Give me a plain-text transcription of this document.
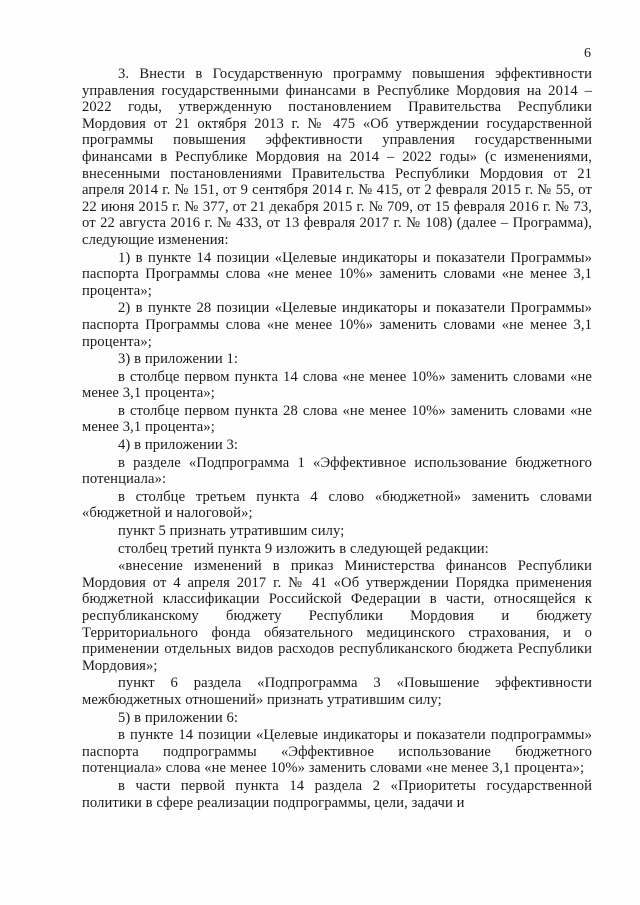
6

3. Внести в Государственную программу повышения эффективности управления государственными финансами в Республике Мордовия на 2014 – 2022 годы, утвержденную постановлением Правительства Республики Мордовия от 21 октября 2013 г. № 475 «Об утверждении государственной программы повышения эффективности управления государственными финансами в Республике Мордовия на 2014 – 2022 годы» (с изменениями, внесенными постановлениями Правительства Республики Мордовия от 21 апреля 2014 г. № 151, от 9 сентября 2014 г. № 415, от 2 февраля 2015 г. № 55, от 22 июня 2015 г. № 377, от 21 декабря 2015 г. № 709, от 15 февраля 2016 г. № 73, от 22 августа 2016 г. № 433, от 13 февраля 2017 г. № 108) (далее – Программа), следующие изменения:

1) в пункте 14 позиции «Целевые индикаторы и показатели Программы» паспорта Программы слова «не менее 10%» заменить словами «не менее 3,1 процента»;

2) в пункте 28 позиции «Целевые индикаторы и показатели Программы» паспорта Программы слова «не менее 10%» заменить словами «не менее 3,1 процента»;

3) в приложении 1:

в столбце первом пункта 14 слова «не менее 10%» заменить словами «не менее 3,1 процента»;

в столбце первом пункта 28 слова «не менее 10%» заменить словами «не менее 3,1 процента»;

4) в приложении 3:

в разделе «Подпрограмма 1 «Эффективное использование бюджетного потенциала»:

в столбце третьем пункта 4 слово «бюджетной» заменить словами «бюджетной и налоговой»;

пункт 5 признать утратившим силу;

столбец третий пункта 9 изложить в следующей редакции:

«внесение изменений в приказ Министерства финансов Республики Мордовия от 4 апреля 2017 г. № 41 «Об утверждении Порядка применения бюджетной классификации Российской Федерации в части, относящейся к республиканскому бюджету Республики Мордовия и бюджету Территориального фонда обязательного медицинского страхования, и о применении отдельных видов расходов республиканского бюджета Республики Мордовия»;

пункт 6 раздела «Подпрограмма 3 «Повышение эффективности межбюджетных отношений» признать утратившим силу;

5) в приложении 6:

в пункте 14 позиции «Целевые индикаторы и показатели подпрограммы» паспорта подпрограммы «Эффективное использование бюджетного потенциала» слова «не менее 10%» заменить словами «не менее 3,1 процента»;

в части первой пункта 14 раздела 2 «Приоритеты государственной политики в сфере реализации подпрограммы, цели, задачи и
